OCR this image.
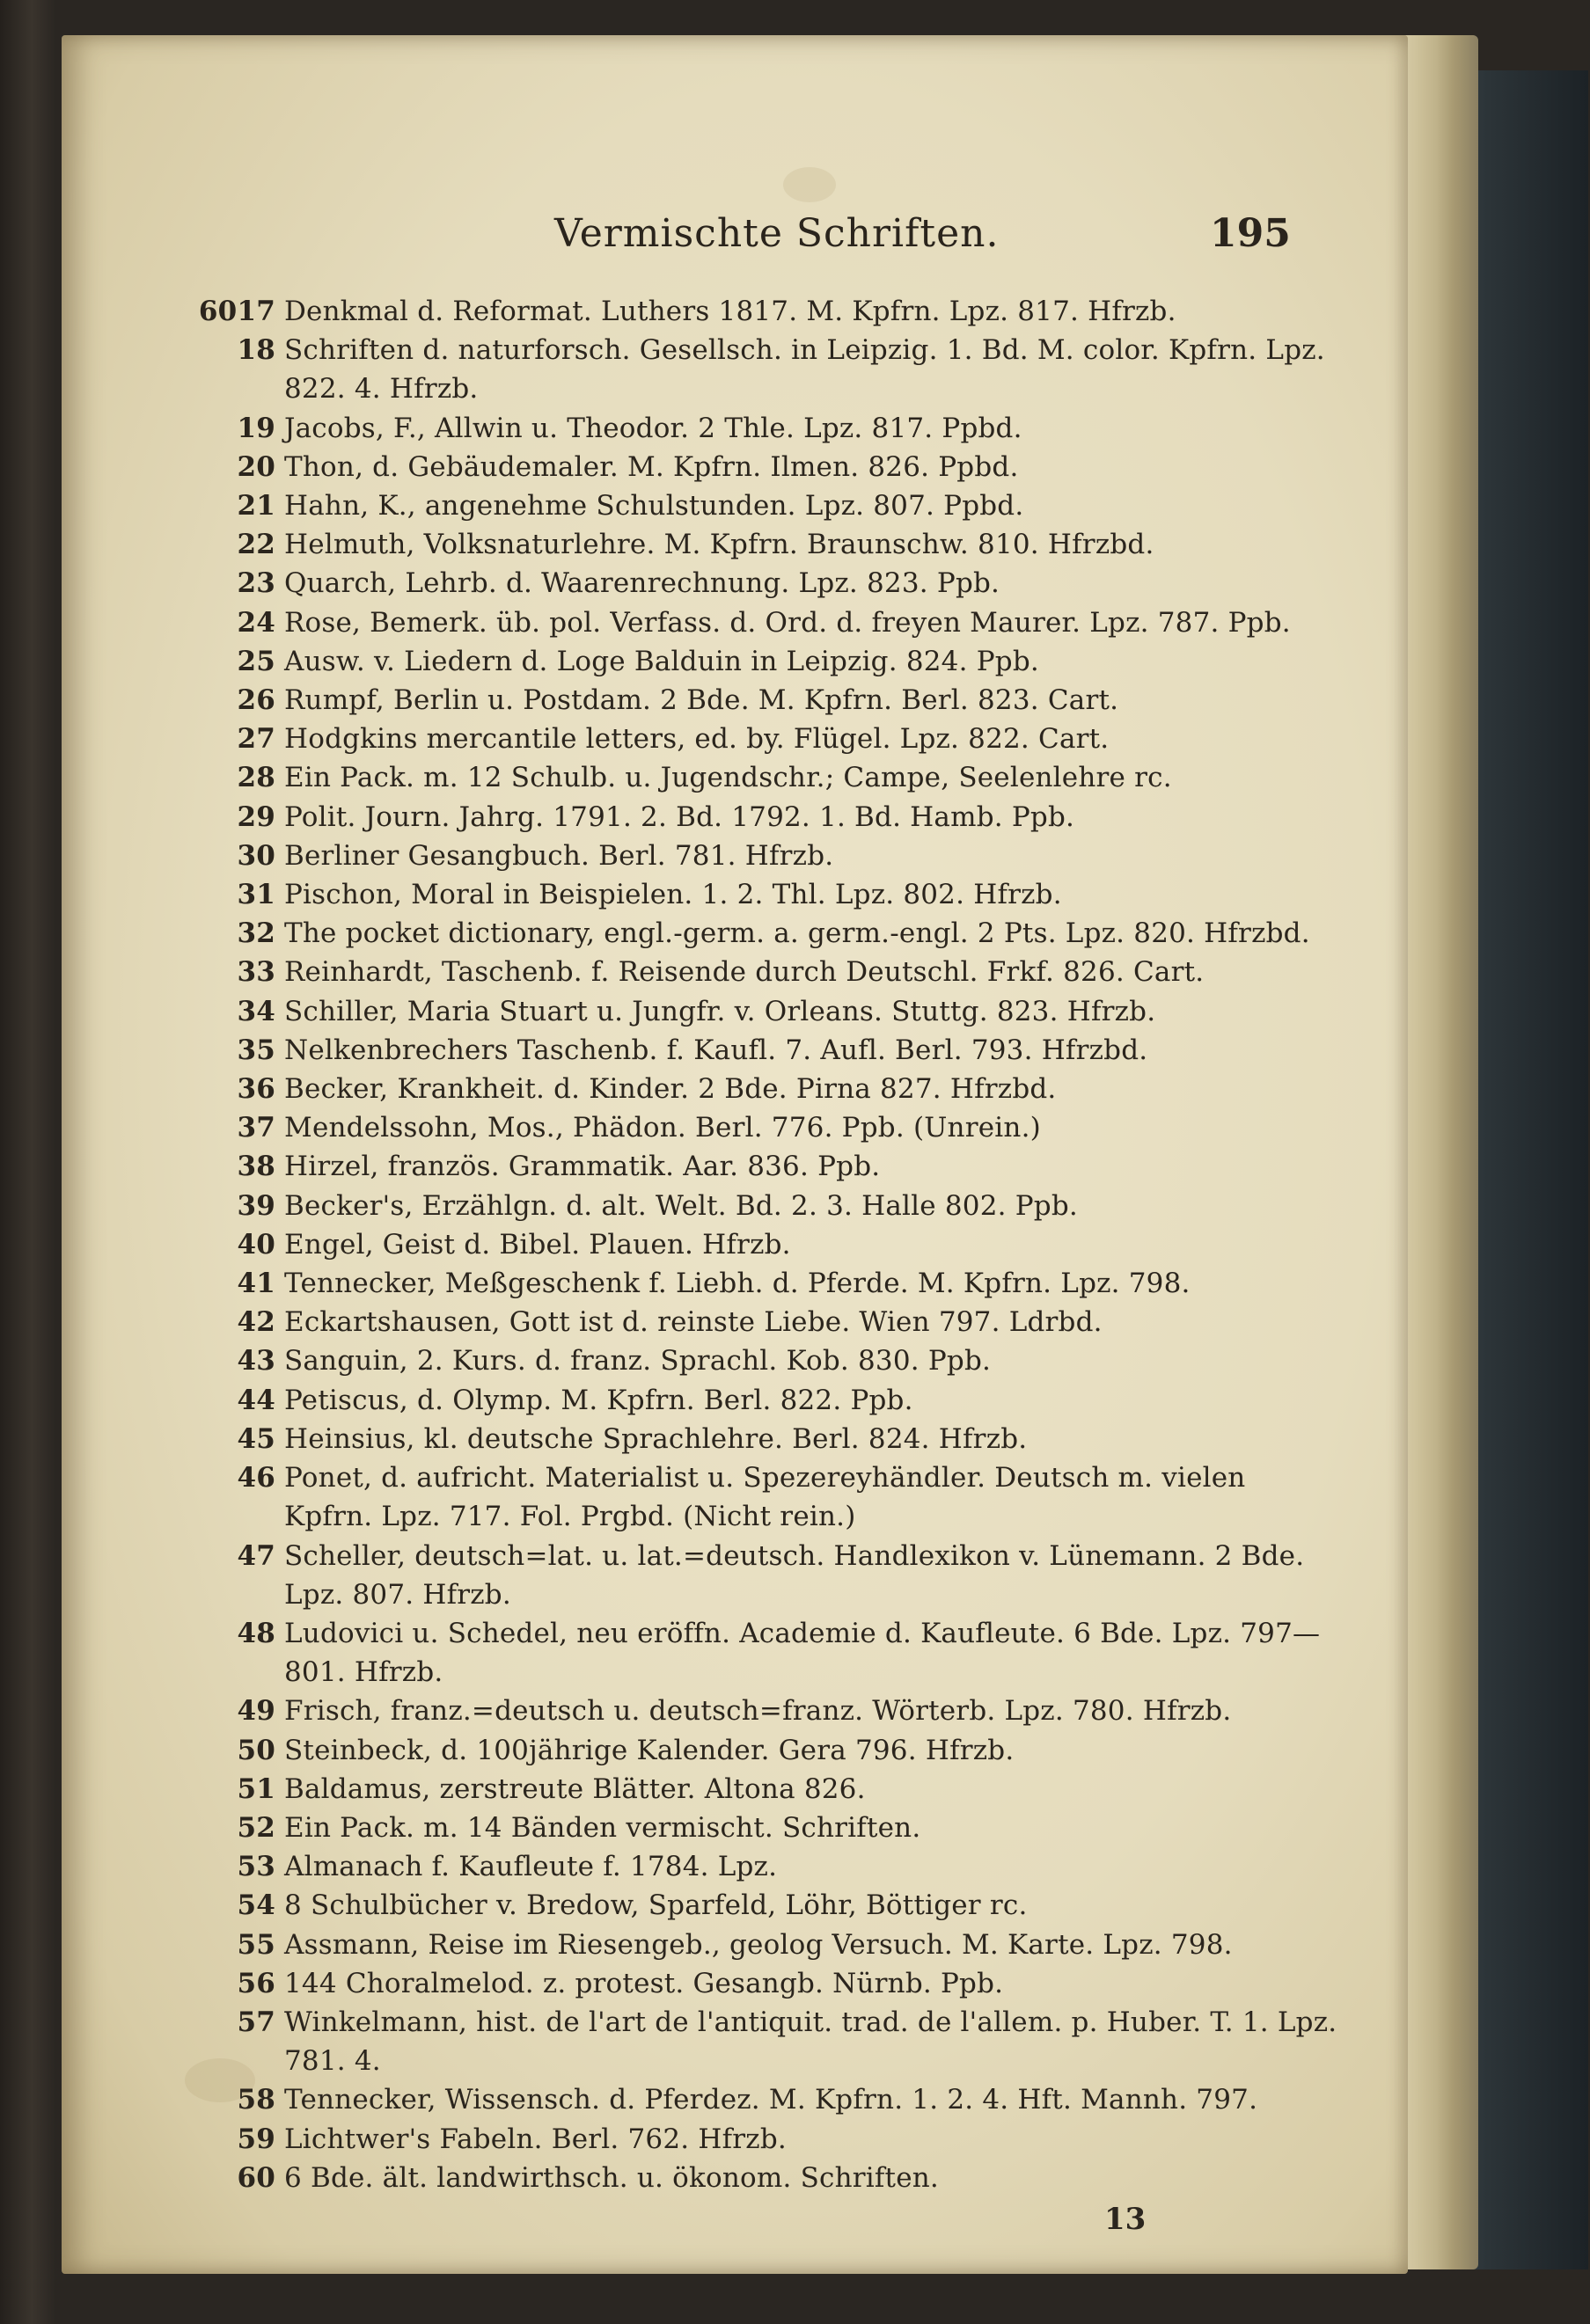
Vermischte Schriften.	195
6017 Denkmal d. Reformat. Luthers 1817. M. Kpfrn. Lpz. 817. Hfrzb.
18 Schriften d. naturforsch. Gesellsch. in Leipzig. 1. Bd. M. color. Kpfrn. Lpz. 822. 4. Hfrzb.
19 Jacobs, F., Allwin u. Theodor. 2 Thle. Lpz. 817. Ppbd.
20 Thon, d. Gebäudemaler. M. Kpfrn. Ilmen. 826. Ppbd.
21 Hahn, K., angenehme Schulstunden. Lpz. 807. Ppbd.
22 Helmuth, Volksnaturlehre. M. Kpfrn. Braunschw. 810. Hfrzbd.
23 Quarch, Lehrb. d. Waarenrechnung. Lpz. 823. Ppb.
24 Rose, Bemerk. üb. pol. Verfass. d. Ord. d. freyen Maurer. Lpz. 787. Ppb.
25 Ausw. v. Liedern d. Loge Balduin in Leipzig. 824. Ppb.
26 Rumpf, Berlin u. Postdam. 2 Bde. M. Kpfrn. Berl. 823. Cart.
27 Hodgkins mercantile letters, ed. by. Flügel. Lpz. 822. Cart.
28 Ein Pack. m. 12 Schulb. u. Jugendschr.; Campe, Seelenlehre rc.
29 Polit. Journ. Jahrg. 1791. 2. Bd. 1792. 1. Bd. Hamb. Ppb.
30 Berliner Gesangbuch. Berl. 781. Hfrzb.
31 Pischon, Moral in Beispielen. 1. 2. Thl. Lpz. 802. Hfrzb.
32 The pocket dictionary, engl.-germ. a. germ.-engl. 2 Pts. Lpz. 820. Hfrzbd.
33 Reinhardt, Taschenb. f. Reisende durch Deutschl. Frkf. 826. Cart.
34 Schiller, Maria Stuart u. Jungfr. v. Orleans. Stuttg. 823. Hfrzb.
35 Nelkenbrechers Taschenb. f. Kaufl. 7. Aufl. Berl. 793. Hfrzbd.
36 Becker, Krankheit. d. Kinder. 2 Bde. Pirna 827. Hfrzbd.
37 Mendelssohn, Mos., Phädon. Berl. 776. Ppb. (Unrein.)
38 Hirzel, französ. Grammatik. Aar. 836. Ppb.
39 Becker's, Erzählgn. d. alt. Welt. Bd. 2. 3. Halle 802. Ppb.
40 Engel, Geist d. Bibel. Plauen. Hfrzb.
41 Tennecker, Meßgeschenk f. Liebh. d. Pferde. M. Kpfrn. Lpz. 798.
42 Eckartshausen, Gott ist d. reinste Liebe. Wien 797. Ldrbd.
43 Sanguin, 2. Kurs. d. franz. Sprachl. Kob. 830. Ppb.
44 Petiscus, d. Olymp. M. Kpfrn. Berl. 822. Ppb.
45 Heinsius, kl. deutsche Sprachlehre. Berl. 824. Hfrzb.
46 Ponet, d. aufricht. Materialist u. Spezereyhändler. Deutsch m. vielen Kpfrn. Lpz. 717. Fol. Prgbd. (Nicht rein.)
47 Scheller, deutsch=lat. u. lat.=deutsch. Handlexikon v. Lünemann. 2 Bde. Lpz. 807. Hfrzb.
48 Ludovici u. Schedel, neu eröffn. Academie d. Kaufleute. 6 Bde. Lpz. 797—801. Hfrzb.
49 Frisch, franz.=deutsch u. deutsch=franz. Wörterb. Lpz. 780. Hfrzb.
50 Steinbeck, d. 100jährige Kalender. Gera 796. Hfrzb.
51 Baldamus, zerstreute Blätter. Altona 826.
52 Ein Pack. m. 14 Bänden vermischt. Schriften.
53 Almanach f. Kaufleute f. 1784. Lpz.
54 8 Schulbücher v. Bredow, Sparfeld, Löhr, Böttiger rc.
55 Assmann, Reise im Riesengeb., geolog Versuch. M. Karte. Lpz. 798.
56 144 Choralmelod. z. protest. Gesangb. Nürnb. Ppb.
57 Winkelmann, hist. de l'art de l'antiquit. trad. de l'allem. p. Huber. T. 1. Lpz. 781. 4.
58 Tennecker, Wissensch. d. Pferdez. M. Kpfrn. 1. 2. 4. Hft. Mannh. 797.
59 Lichtwer's Fabeln. Berl. 762. Hfrzb.
60 6 Bde. ält. landwirthsch. u. ökonom. Schriften.
13
